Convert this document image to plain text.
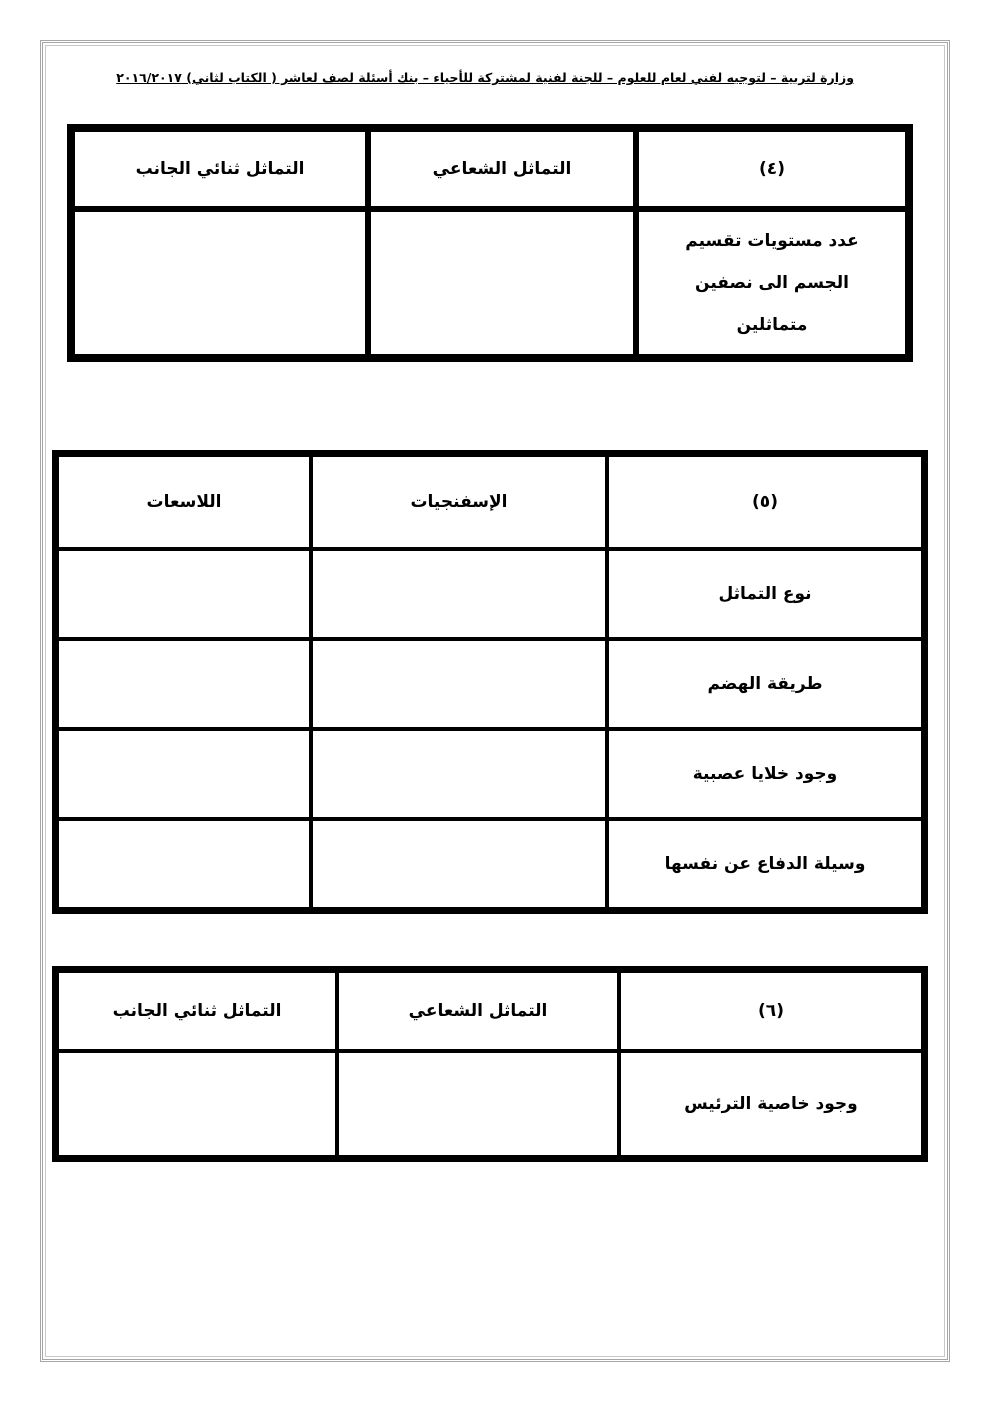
وزارة لتربية – لتوجيه لفني لعام للعلوم – للجنة لفنية لمشتركة للأحياء – بنك أسئلة لصف لعاشر ( الكتاب لثاني) ٢٠١٦/٢٠١٧
(٤)	التماثل الشعاعي	التماثل ثنائي الجانب
عدد مستويات تقسيم الجسم الى نصفين متماثلين		
(٥)	الإسفنجيات	اللاسعات
نوع التماثل		
طريقة الهضم		
وجود خلايا عصبية		
وسيلة الدفاع عن نفسها		
(٦)	التماثل الشعاعي	التماثل ثنائي الجانب
وجود خاصية الترئيس		
